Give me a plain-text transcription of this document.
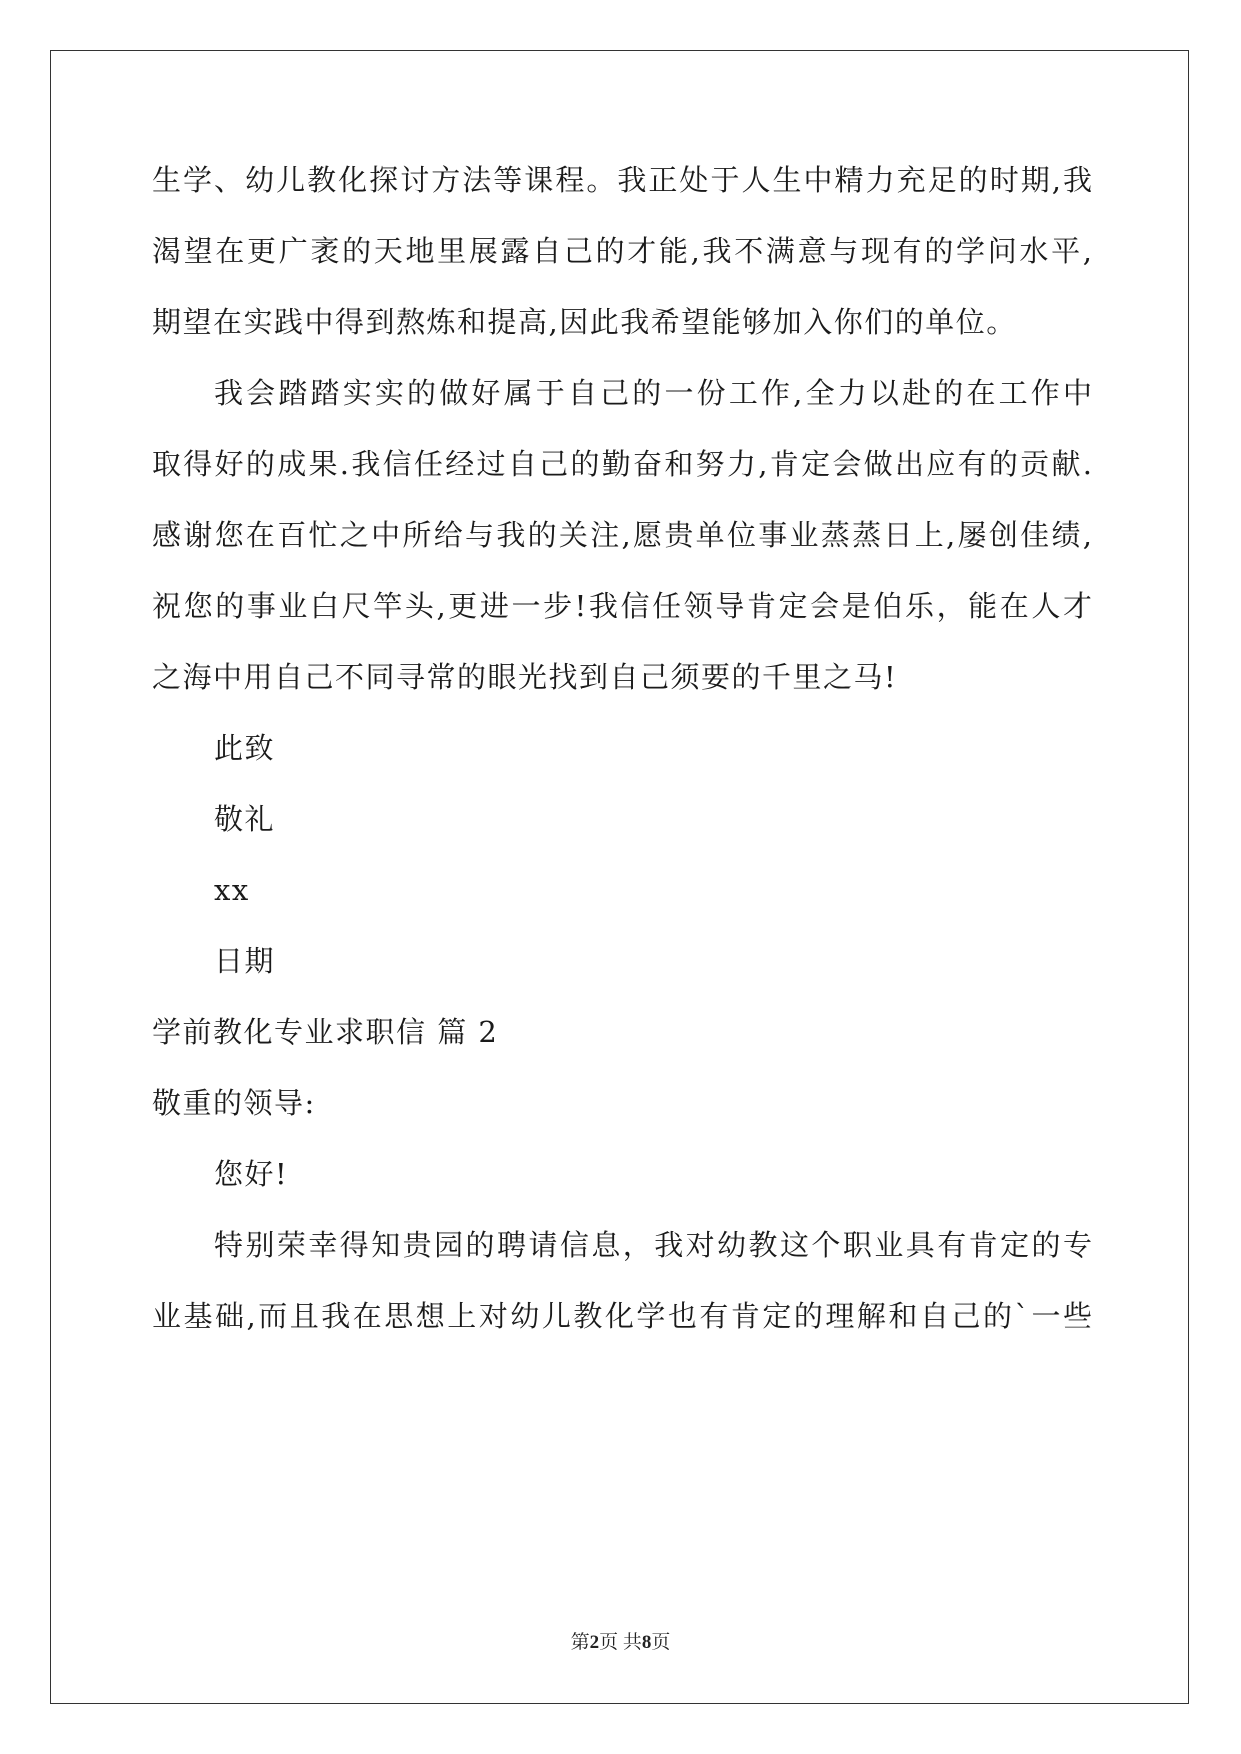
生学、幼儿教化探讨方法等课程。我正处于人生中精力充足的时期,我
渴望在更广袤的天地里展露自己的才能,我不满意与现有的学问水平,
期望在实践中得到熬炼和提高,因此我希望能够加入你们的单位。
我会踏踏实实的做好属于自己的一份工作,全力以赴的在工作中
取得好的成果.我信任经过自己的勤奋和努力,肯定会做出应有的贡献.
感谢您在百忙之中所给与我的关注,愿贵单位事业蒸蒸日上,屡创佳绩,
祝您的事业白尺竿头,更进一步!我信任领导肯定会是伯乐，能在人才
之海中用自己不同寻常的眼光找到自己须要的千里之马!
此致
敬礼
xx
日期
学前教化专业求职信 篇 2
敬重的领导:
您好!
特别荣幸得知贵园的聘请信息，我对幼教这个职业具有肯定的专
业基础,而且我在思想上对幼儿教化学也有肯定的理解和自己的`一些
第2页 共8页
